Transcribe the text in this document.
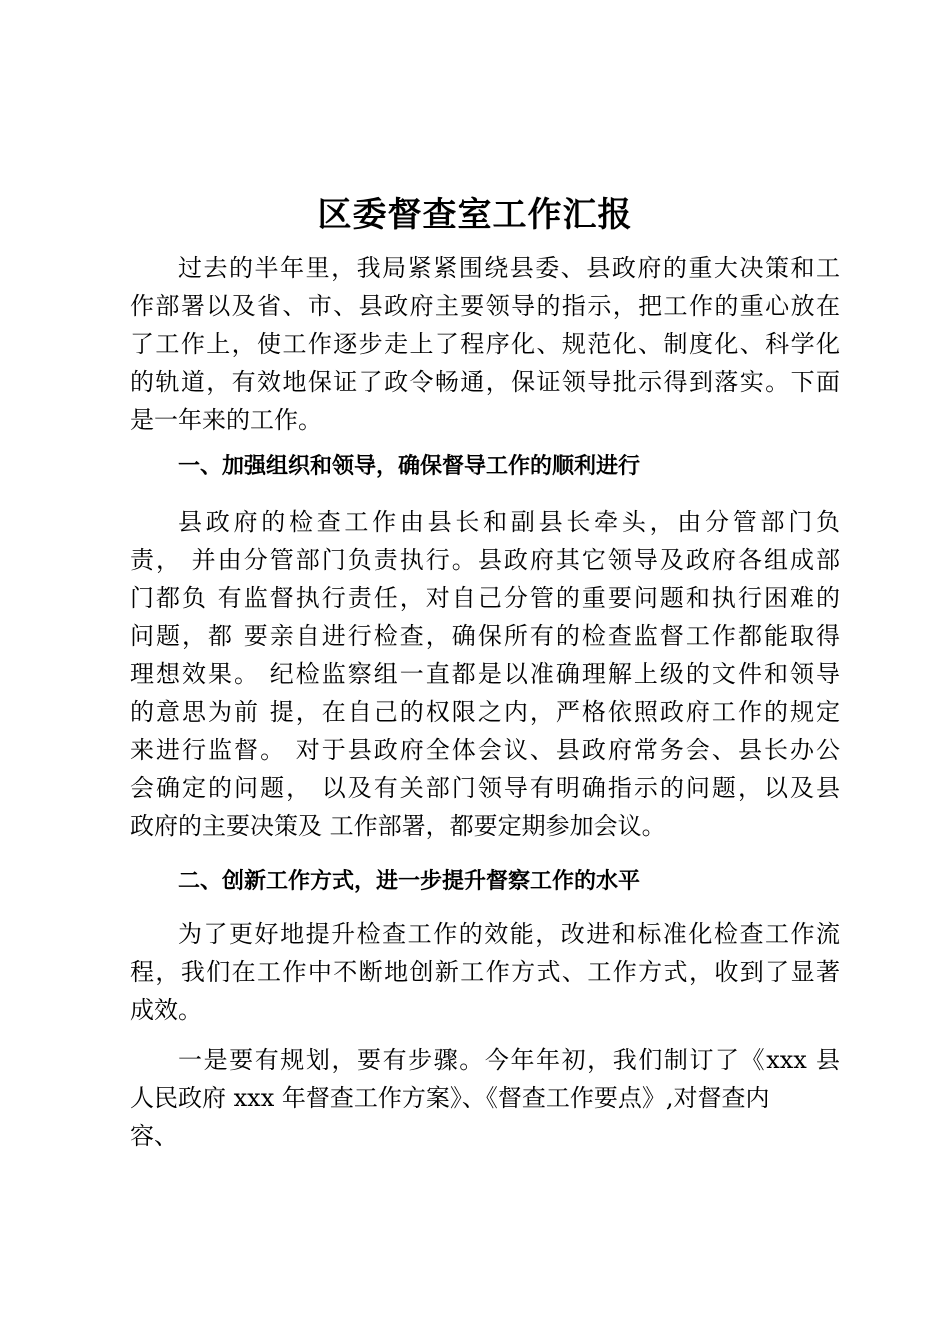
区委督查室工作汇报
过去的半年里，我局紧紧围绕县委、县政府的重大决策和工
作部署以及省、市、县政府主要领导的指示，把工作的重心放在
了工作上，使工作逐步走上了程序化、规范化、制度化、科学化
的轨道，有效地保证了政令畅通，保证领导批示得到落实。下面
是一年来的工作。
一、加强组织和领导，确保督导工作的顺利进行
县政府的检查工作由县长和副县长牵头，由分管部门负
责， 并由分管部门负责执行。县政府其它领导及政府各组成部
门都负 有监督执行责任，对自己分管的重要问题和执行困难的
问题，都 要亲自进行检查，确保所有的检查监督工作都能取得
理想效果。 纪检监察组一直都是以准确理解上级的文件和领导
的意思为前 提，在自己的权限之内，严格依照政府工作的规定
来进行监督。 对于县政府全体会议、县政府常务会、县长办公
会确定的问题， 以及有关部门领导有明确指示的问题，以及县
政府的主要决策及 工作部署，都要定期参加会议。
二、创新工作方式，进一步提升督察工作的水平
为了更好地提升检查工作的效能，改进和标准化检查工作流
程，我们在工作中不断地创新工作方式、工作方式，收到了显著
成效。
一是要有规划，要有步骤。今年年初，我们制订了《xxx 县
人民政府 xxx 年督查工作方案》、《督查工作要点》,对督查内
容、
